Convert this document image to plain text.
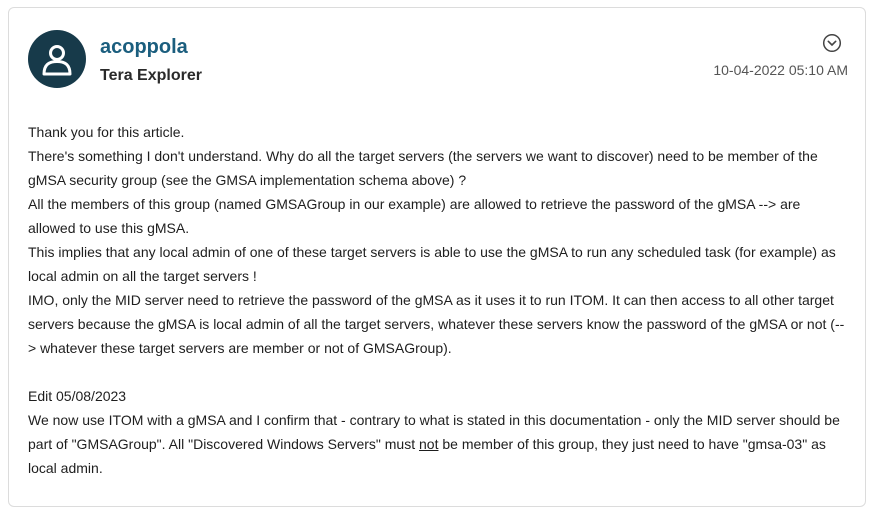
acoppola
Tera Explorer	10-04-2022 05:10 AM

Thank you for this article.

There's something I don't understand. Why do all the target servers (the servers we want to discover) need to be member of the gMSA security group (see the GMSA implementation schema above) ?

All the members of this group (named GMSAGroup in our example) are allowed to retrieve the password of the gMSA --> are allowed to use this gMSA.

This implies that any local admin of one of these target servers is able to use the gMSA to run any scheduled task (for example) as local admin on all the target servers !

IMO, only the MID server need to retrieve the password of the gMSA as it uses it to run ITOM. It can then access to all other target servers because the gMSA is local admin of all the target servers, whatever these servers know the password of the gMSA or not (--> whatever these target servers are member or not of GMSAGroup).

Edit 05/08/2023

We now use ITOM with a gMSA and I confirm that - contrary to what is stated in this documentation - only the MID server should be part of "GMSAGroup". All "Discovered Windows Servers" must not be member of this group, they just need to have "gmsa-03" as local admin.
